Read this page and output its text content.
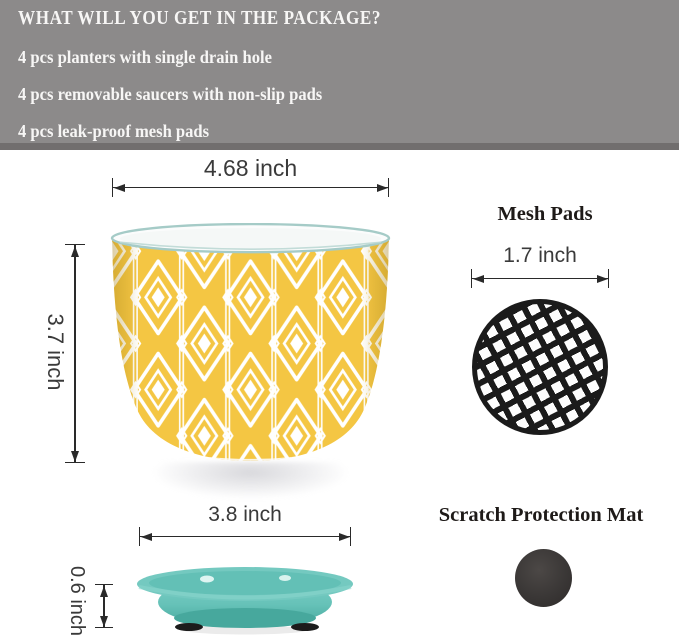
WHAT WILL YOU GET IN THE PACKAGE?
4 pcs planters with single drain hole
4 pcs removable saucers with non-slip pads
4 pcs leak-proof mesh pads
4.68 inch
3.7 inch
Mesh Pads
1.7 inch
3.8 inch
0.6 inch
Scratch Protection Mat
